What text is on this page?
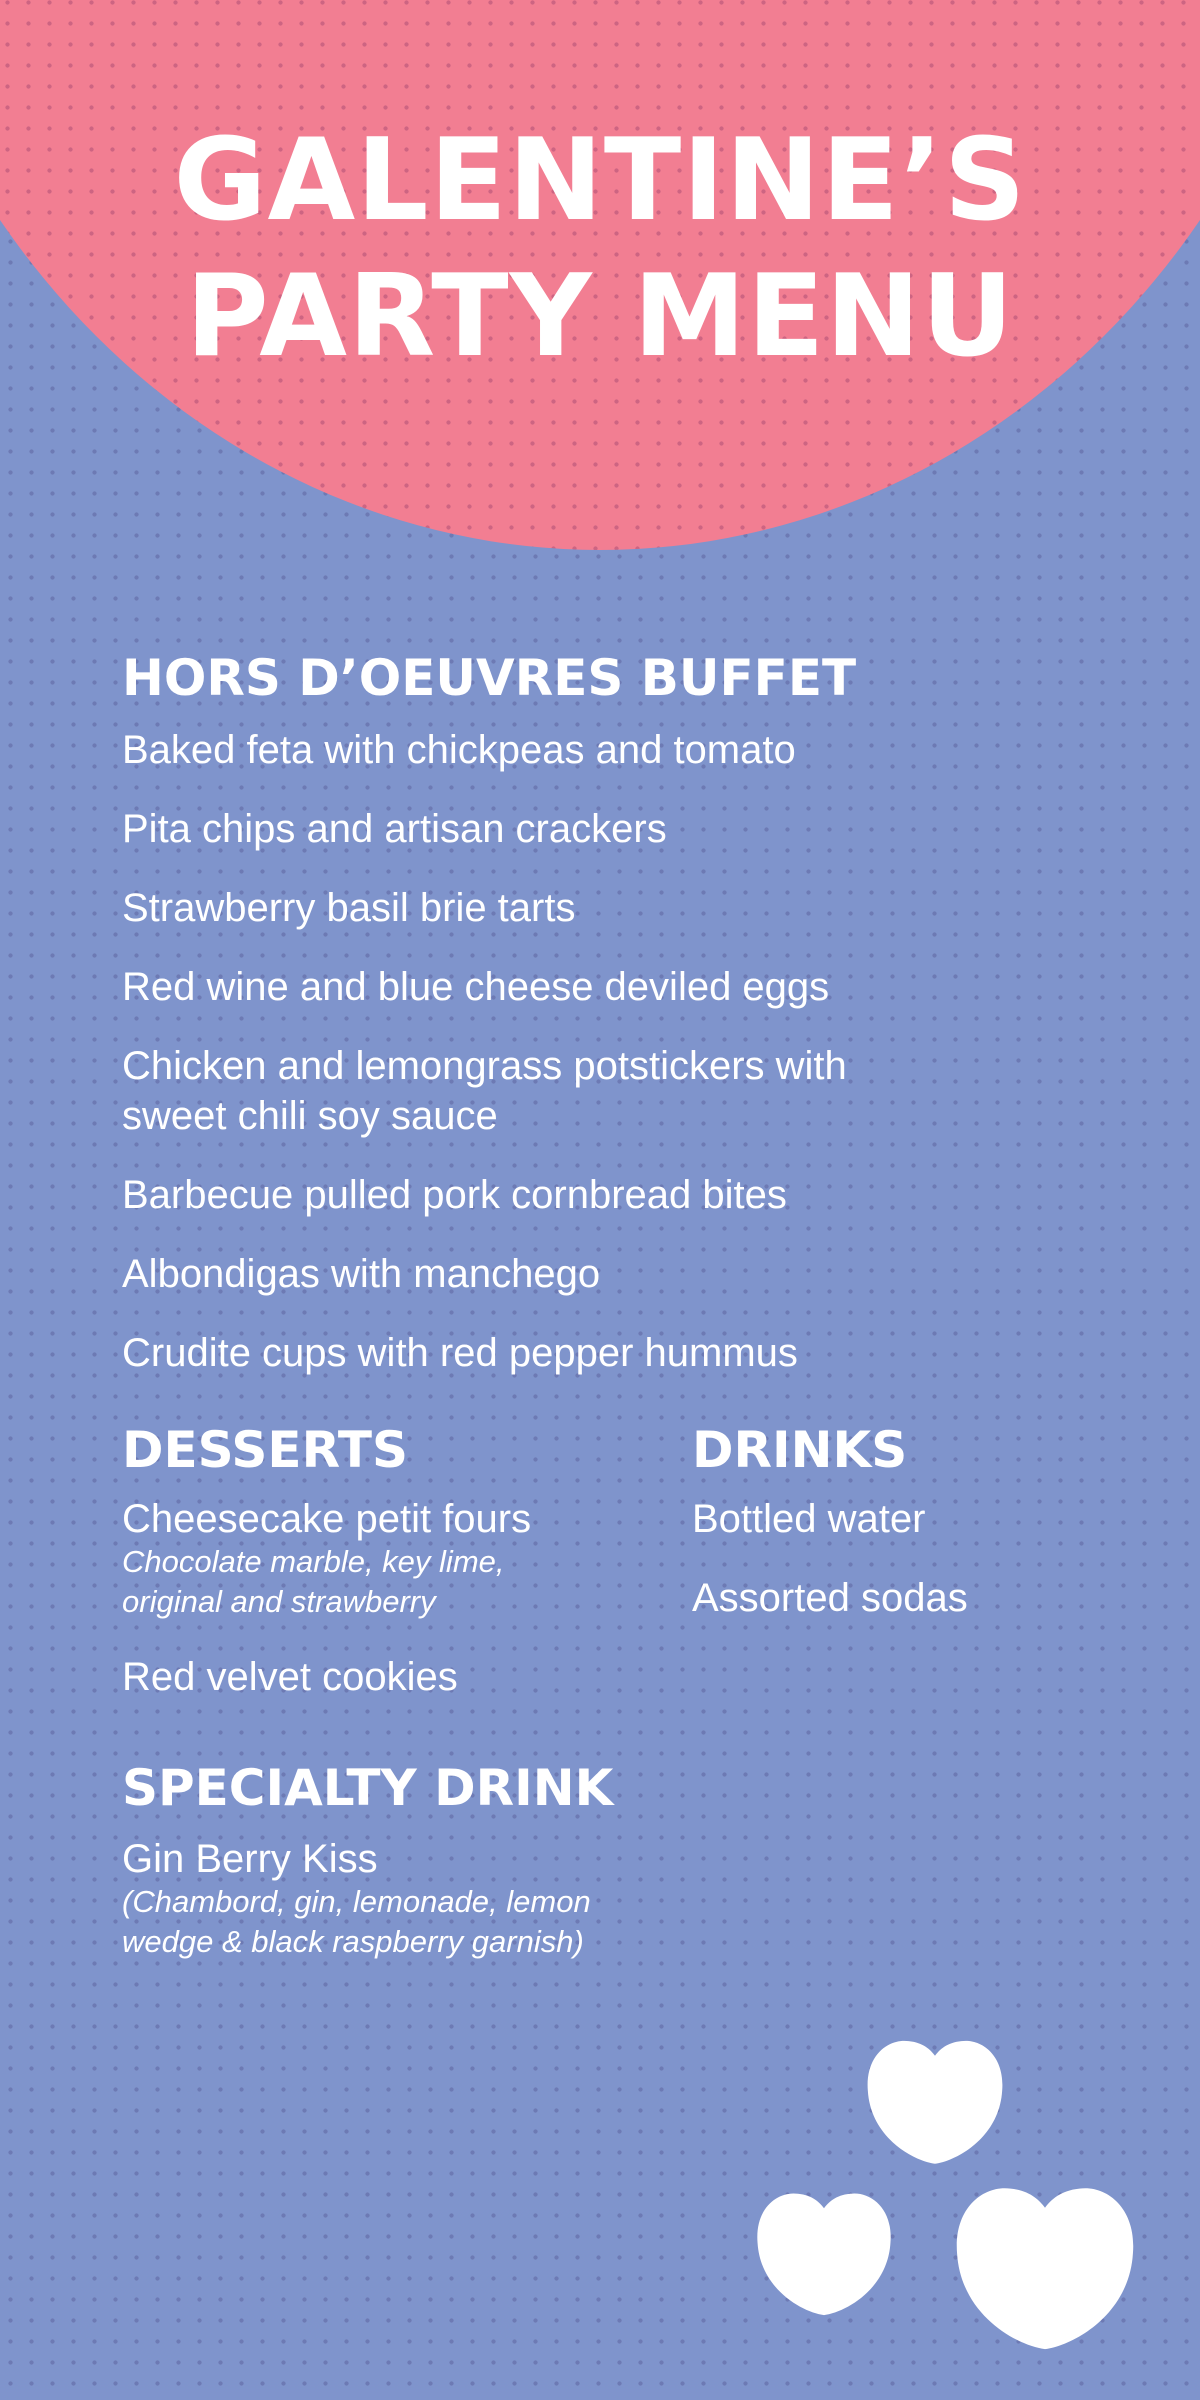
GALENTINE’S
PARTY MENU
HORS D’OEUVRES BUFFET

Baked feta with chickpeas and tomato

Pita chips and artisan crackers

Strawberry basil brie tarts

Red wine and blue cheese deviled eggs

Chicken and lemongrass potstickers with

sweet chili soy sauce

Barbecue pulled pork cornbread bites

Albondigas with manchego

Crudite cups with red pepper hummus

DESSERTS

Cheesecake petit fours

Chocolate marble, key lime,

original and strawberry

Red velvet cookies

DRINKS

Bottled water

Assorted sodas

SPECIALTY DRINK

Gin Berry Kiss

(Chambord, gin, lemonade, lemon

wedge & black raspberry garnish)
